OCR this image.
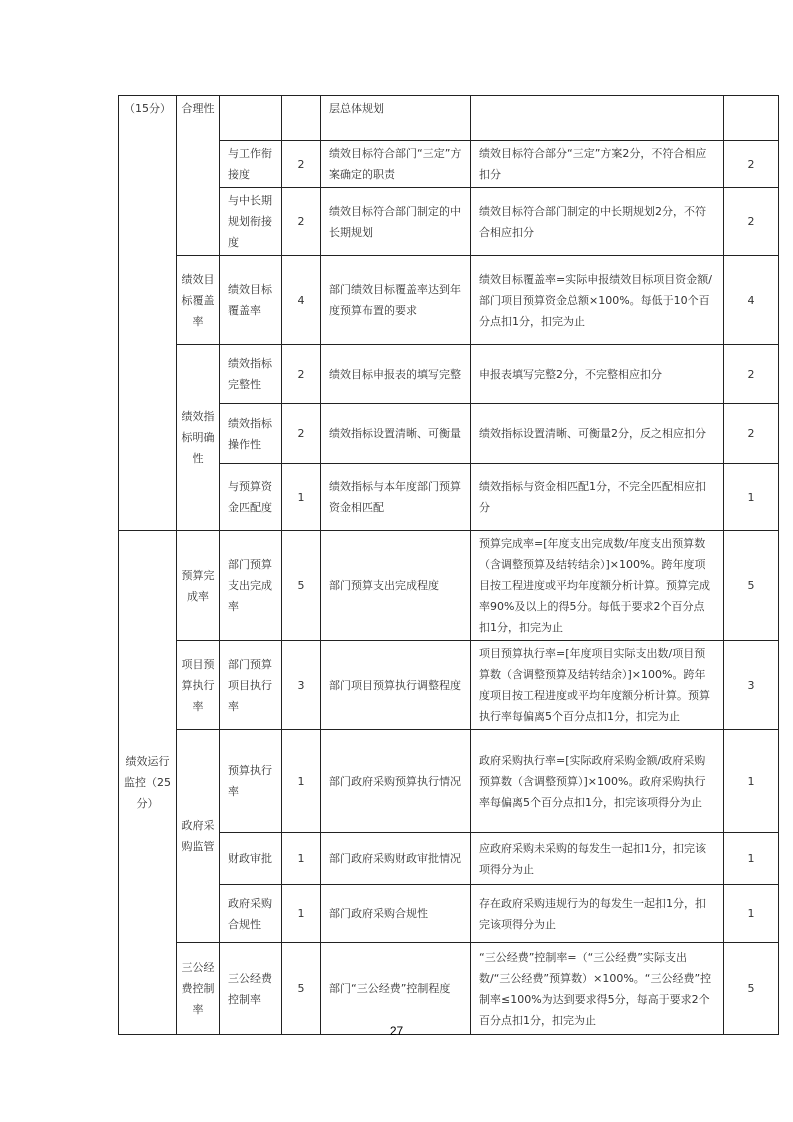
（15分）	合理性			层总体规划		
		与工作衔接度	2	绩效目标符合部门“三定”方案确定的职责	绩效目标符合部分“三定”方案2分，不符合相应扣分	2
		与中长期规划衔接度	2	绩效目标符合部门制定的中长期规划	绩效目标符合部门制定的中长期规划2分，不符合相应扣分	2
	绩效目标覆盖率	绩效目标覆盖率	4	部门绩效目标覆盖率达到年度预算布置的要求	绩效目标覆盖率=实际申报绩效目标项目资金额/部门项目预算资金总额×100%。每低于10个百分点扣1分，扣完为止	4
	绩效指标明确性	绩效指标完整性	2	绩效目标申报表的填写完整	申报表填写完整2分，不完整相应扣分	2
		绩效指标操作性	2	绩效指标设置清晰、可衡量	绩效指标设置清晰、可衡量2分，反之相应扣分	2
		与预算资金匹配度	1	绩效指标与本年度部门预算资金相匹配	绩效指标与资金相匹配1分，不完全匹配相应扣分	1
绩效运行监控（25分）	预算完成率	部门预算支出完成率	5	部门预算支出完成程度	预算完成率=[年度支出完成数/年度支出预算数（含调整预算及结转结余）]×100%。跨年度项目按工程进度或平均年度额分析计算。预算完成率90%及以上的得5分。每低于要求2个百分点扣1分，扣完为止	5
	项目预算执行率	部门预算项目执行率	3	部门项目预算执行调整程度	项目预算执行率=[年度项目实际支出数/项目预算数（含调整预算及结转结余）]×100%。跨年度项目按工程进度或平均年度额分析计算。预算执行率每偏离5个百分点扣1分，扣完为止	3
	政府采购监管	预算执行率	1	部门政府采购预算执行情况	政府采购执行率=[实际政府采购金额/政府采购预算数（含调整预算）]×100%。政府采购执行率每偏离5个百分点扣1分，扣完该项得分为止	1
		财政审批	1	部门政府采购财政审批情况	应政府采购未采购的每发生一起扣1分，扣完该项得分为止	1
		政府采购合规性	1	部门政府采购合规性	存在政府采购违规行为的每发生一起扣1分，扣完该项得分为止	1
	三公经费控制率	三公经费控制率	5	部门“三公经费”控制程度	“三公经费”控制率=（“三公经费”实际支出数/“三公经费”预算数）×100%。“三公经费”控制率≤100%为达到要求得5分，每高于要求2个百分点扣1分，扣完为止	5
27
